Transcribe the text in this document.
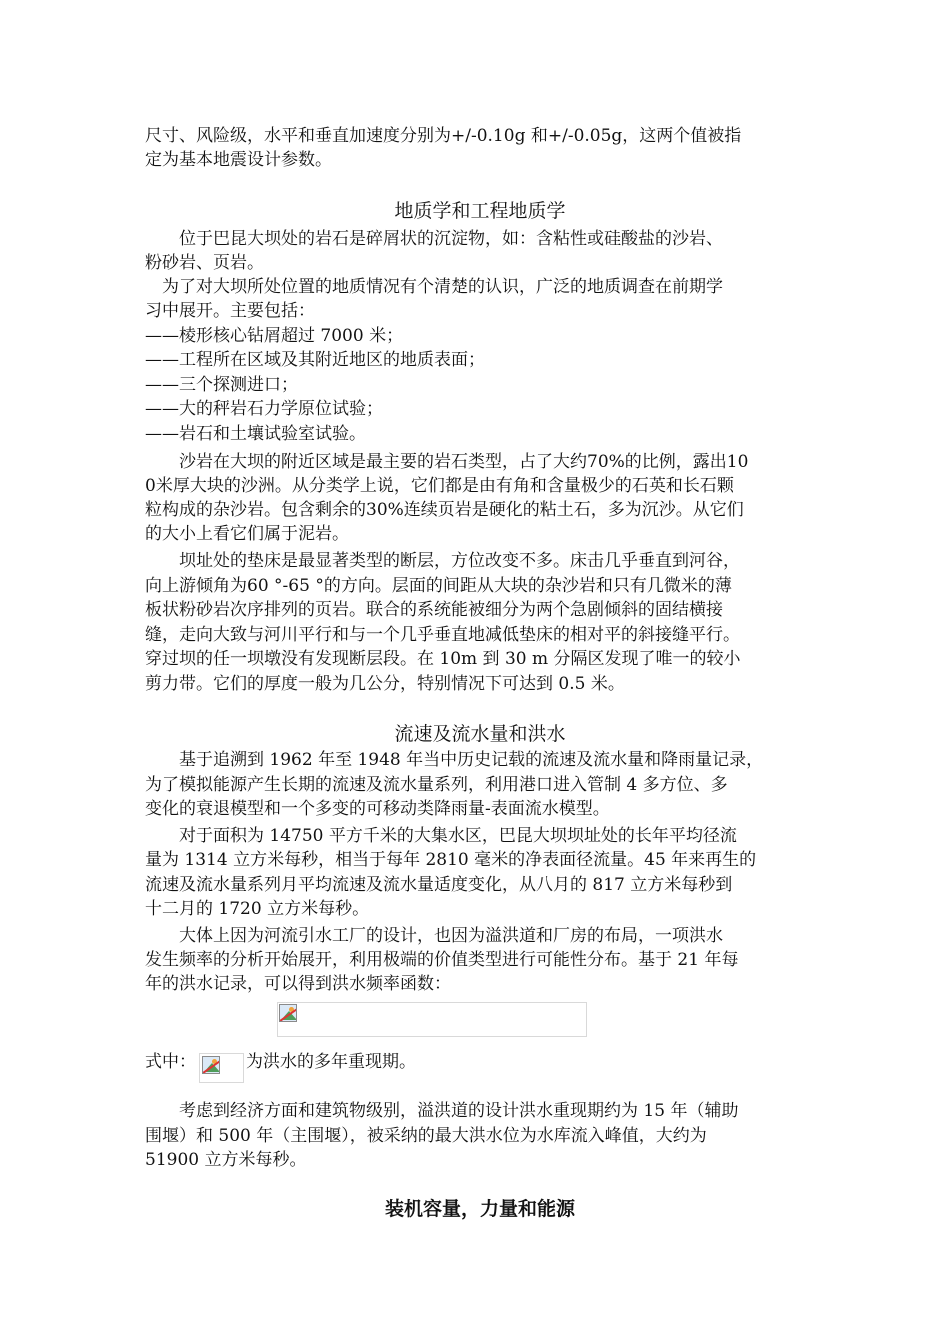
尺寸、风险级，水平和垂直加速度分别为+/-0.10g 和+/-0.05g，这两个值被指
定为基本地震设计参数。
地质学和工程地质学
　　位于巴昆大坝处的岩石是碎屑状的沉淀物，如：含粘性或硅酸盐的沙岩、
粉砂岩、页岩。
　为了对大坝所处位置的地质情况有个清楚的认识，广泛的地质调查在前期学
习中展开。主要包括：
——棱形核心钻屑超过 7000 米；
——工程所在区域及其附近地区的地质表面；
——三个探测进口；
——大的秤岩石力学原位试验；
——岩石和土壤试验室试验。
　　沙岩在大坝的附近区域是最主要的岩石类型，占了大约70%的比例，露出10
0米厚大块的沙洲。从分类学上说，它们都是由有角和含量极少的石英和长石颗
粒构成的杂沙岩。包含剩余的30%连续页岩是硬化的粘土石，多为沉沙。从它们
的大小上看它们属于泥岩。
　　坝址处的垫床是最显著类型的断层，方位改变不多。床击几乎垂直到河谷，
向上游倾角为60 °-65 °的方向。层面的间距从大块的杂沙岩和只有几微米的薄
板状粉砂岩次序排列的页岩。联合的系统能被细分为两个急剧倾斜的固结横接
缝，走向大致与河川平行和与一个几乎垂直地减低垫床的相对平的斜接缝平行。
穿过坝的任一坝墩没有发现断层段。在 10m 到 30 m 分隔区发现了唯一的较小
剪力带。它们的厚度一般为几公分，特别情况下可达到 0.5 米。
流速及流水量和洪水
　　基于追溯到 1962 年至 1948 年当中历史记载的流速及流水量和降雨量记录，
为了模拟能源产生长期的流速及流水量系列，利用港口进入管制 4 多方位、多
变化的衰退模型和一个多变的可移动类降雨量-表面流水模型。
　　对于面积为 14750 平方千米的大集水区，巴昆大坝坝址处的长年平均径流
量为 1314 立方米每秒，相当于每年 2810 毫米的净表面径流量。45 年来再生的
流速及流水量系列月平均流速及流水量适度变化，从八月的 817 立方米每秒到
十二月的 1720 立方米每秒。
　　大体上因为河流引水工厂的设计，也因为溢洪道和厂房的布局，一项洪水
发生频率的分析开始展开，利用极端的价值类型进行可能性分布。基于 21 年每
年的洪水记录，可以得到洪水频率函数：
式中：	为洪水的多年重现期。
　　考虑到经济方面和建筑物级别，溢洪道的设计洪水重现期约为 15 年（辅助
围堰）和 500 年（主围堰），被采纳的最大洪水位为水库流入峰值，大约为
51900 立方米每秒。
装机容量，力量和能源
